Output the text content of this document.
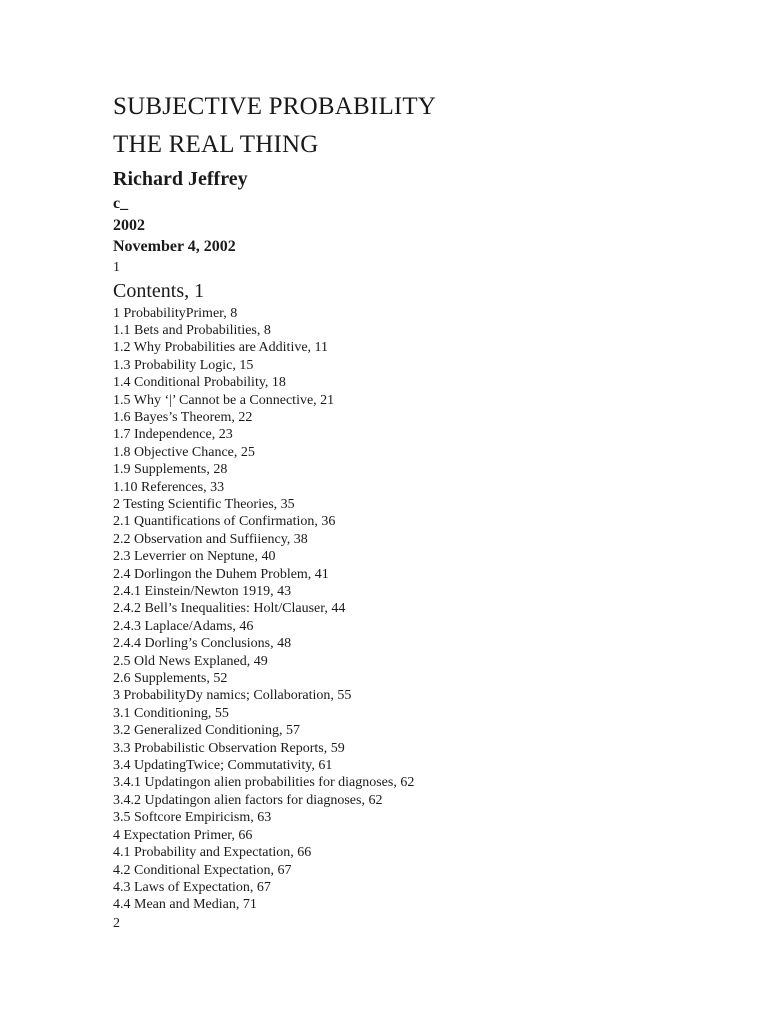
SUBJECTIVE PROBABILITY
THE REAL THING
Richard Jeffrey
c_
2002
November 4, 2002
1
Contents, 1
1 ProbabilityPrimer, 8
1.1 Bets and Probabilities, 8
1.2 Why Probabilities are Additive, 11
1.3 Probability Logic, 15
1.4 Conditional Probability, 18
1.5 Why ‘|’ Cannot be a Connective, 21
1.6 Bayes’s Theorem, 22
1.7 Independence, 23
1.8 Objective Chance, 25
1.9 Supplements, 28
1.10 References, 33
2 Testing Scientific Theories, 35
2.1 Quantifications of Confirmation, 36
2.2 Observation and Suffiiency, 38
2.3 Leverrier on Neptune, 40
2.4 Dorlingon the Duhem Problem, 41
2.4.1 Einstein/Newton 1919, 43
2.4.2 Bell’s Inequalities: Holt/Clauser, 44
2.4.3 Laplace/Adams, 46
2.4.4 Dorling’s Conclusions, 48
2.5 Old News Explaned, 49
2.6 Supplements, 52
3 ProbabilityDy namics; Collaboration, 55
3.1 Conditioning, 55
3.2 Generalized Conditioning, 57
3.3 Probabilistic Observation Reports, 59
3.4 UpdatingTwice; Commutativity, 61
3.4.1 Updatingon alien probabilities for diagnoses, 62
3.4.2 Updatingon alien factors for diagnoses, 62
3.5 Softcore Empiricism, 63
4 Expectation Primer, 66
4.1 Probability and Expectation, 66
4.2 Conditional Expectation, 67
4.3 Laws of Expectation, 67
4.4 Mean and Median, 71
2
